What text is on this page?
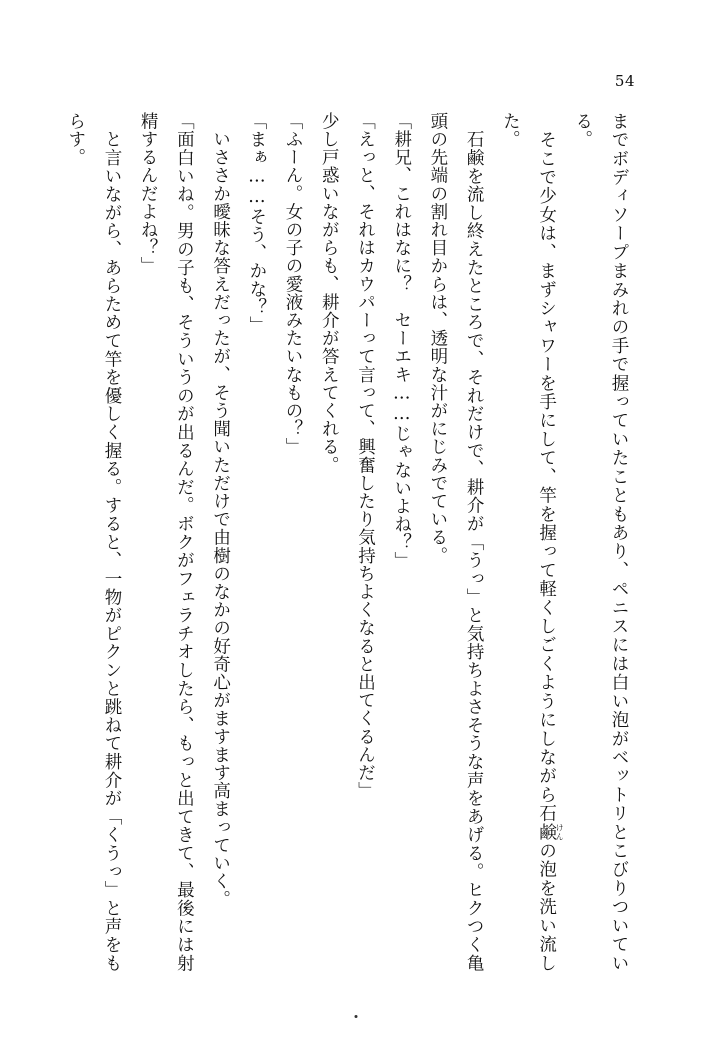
54

までボディソープまみれの手で握っていたこともあり、ペニスには白い泡がベットリとこびりついている。

　そこで少女は、まずシャワーを手にして、竿を握って軽くしごくようにしながら石鹸けんの泡を洗い流した。

　石鹸を流し終えたところで、それだけで、耕介が「うっ」と気持ちよさそうな声をあげる。ヒクつく亀頭の先端の割れ目からは、透明な汁がにじみでている。

「耕兄、これはなに？　セーエキ……じゃないよね？」

「えっと、それはカウパーって言って、興奮したり気持ちよくなると出てくるんだ」

少し戸惑いながらも、耕介が答えてくれる。

「ふーん。女の子の愛液みたいなもの？」

「まぁ……そう、かな？」

　いささか曖昧な答えだったが、そう聞いただけで由樹のなかの好奇心がますます高まっていく。

「面白いね。男の子も、そういうのが出るんだ。ボクがフェラチオしたら、もっと出てきて、最後には射精するんだよね？」

　と言いながら、あらためて竿を優しく握る。すると、一物がピクンと跳ねて耕介が「くうっ」と声をもらす。
